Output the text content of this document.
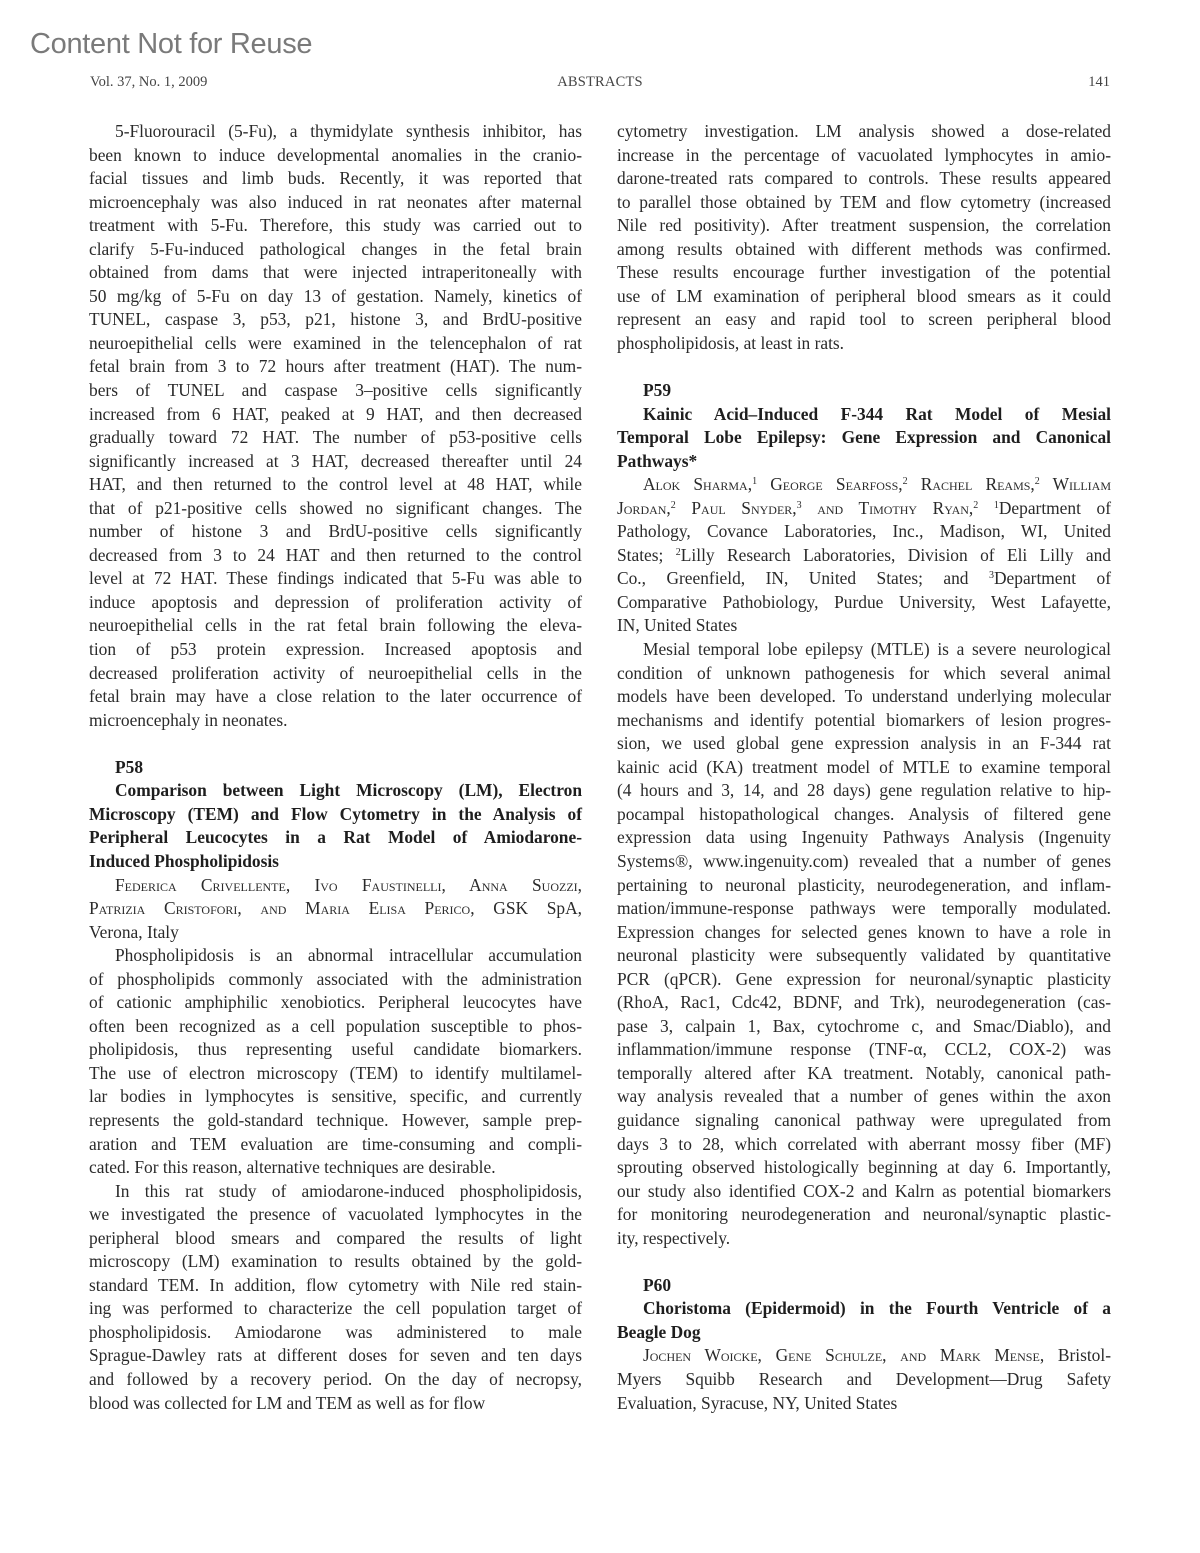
Content Not for Reuse
Vol. 37, No. 1, 2009	ABSTRACTS	141
5-Fluorouracil (5-Fu), a thymidylate synthesis inhibitor, has
been known to induce developmental anomalies in the cranio-
facial tissues and limb buds. Recently, it was reported that
microencephaly was also induced in rat neonates after maternal
treatment with 5-Fu. Therefore, this study was carried out to
clarify 5-Fu-induced pathological changes in the fetal brain
obtained from dams that were injected intraperitoneally with
50 mg/kg of 5-Fu on day 13 of gestation. Namely, kinetics of
TUNEL, caspase 3, p53, p21, histone 3, and BrdU-positive
neuroepithelial cells were examined in the telencephalon of rat
fetal brain from 3 to 72 hours after treatment (HAT). The num-
bers of TUNEL and caspase 3–positive cells significantly
increased from 6 HAT, peaked at 9 HAT, and then decreased
gradually toward 72 HAT. The number of p53-positive cells
significantly increased at 3 HAT, decreased thereafter until 24
HAT, and then returned to the control level at 48 HAT, while
that of p21-positive cells showed no significant changes. The
number of histone 3 and BrdU-positive cells significantly
decreased from 3 to 24 HAT and then returned to the control
level at 72 HAT. These findings indicated that 5-Fu was able to
induce apoptosis and depression of proliferation activity of
neuroepithelial cells in the rat fetal brain following the eleva-
tion of p53 protein expression. Increased apoptosis and
decreased proliferation activity of neuroepithelial cells in the
fetal brain may have a close relation to the later occurrence of
microencephaly in neonates.
P58
Comparison between Light Microscopy (LM), Electron
Microscopy (TEM) and Flow Cytometry in the Analysis of
Peripheral Leucocytes in a Rat Model of Amiodarone-
Induced Phospholipidosis
Federica Crivellente, Ivo Faustinelli, Anna Suozzi,
Patrizia Cristofori, and Maria Elisa Perico, GSK SpA,
Verona, Italy
Phospholipidosis is an abnormal intracellular accumulation
of phospholipids commonly associated with the administration
of cationic amphiphilic xenobiotics. Peripheral leucocytes have
often been recognized as a cell population susceptible to phos-
pholipidosis, thus representing useful candidate biomarkers.
The use of electron microscopy (TEM) to identify multilamel-
lar bodies in lymphocytes is sensitive, specific, and currently
represents the gold-standard technique. However, sample prep-
aration and TEM evaluation are time-consuming and compli-
cated. For this reason, alternative techniques are desirable.
In this rat study of amiodarone-induced phospholipidosis,
we investigated the presence of vacuolated lymphocytes in the
peripheral blood smears and compared the results of light
microscopy (LM) examination to results obtained by the gold-
standard TEM. In addition, flow cytometry with Nile red stain-
ing was performed to characterize the cell population target of
phospholipidosis. Amiodarone was administered to male
Sprague-Dawley rats at different doses for seven and ten days
and followed by a recovery period. On the day of necropsy,
blood was collected for LM and TEM as well as for flow
cytometry investigation. LM analysis showed a dose-related
increase in the percentage of vacuolated lymphocytes in amio-
darone-treated rats compared to controls. These results appeared
to parallel those obtained by TEM and flow cytometry (increased
Nile red positivity). After treatment suspension, the correlation
among results obtained with different methods was confirmed.
These results encourage further investigation of the potential
use of LM examination of peripheral blood smears as it could
represent an easy and rapid tool to screen peripheral blood
phospholipidosis, at least in rats.
P59
Kainic Acid–Induced F-344 Rat Model of Mesial
Temporal Lobe Epilepsy: Gene Expression and Canonical
Pathways*
Alok Sharma,$^1$ George Searfoss,$^2$ Rachel Reams,$^2$ William
Jordan,$^2$ Paul Snyder,$^3$ and Timothy Ryan,$^2$ $^1$Department of
Pathology, Covance Laboratories, Inc., Madison, WI, United
States; $^2$Lilly Research Laboratories, Division of Eli Lilly and
Co., Greenfield, IN, United States; and $^3$Department of
Comparative Pathobiology, Purdue University, West Lafayette,
IN, United States
Mesial temporal lobe epilepsy (MTLE) is a severe neurological
condition of unknown pathogenesis for which several animal
models have been developed. To understand underlying molecular
mechanisms and identify potential biomarkers of lesion progres-
sion, we used global gene expression analysis in an F-344 rat
kainic acid (KA) treatment model of MTLE to examine temporal
(4 hours and 3, 14, and 28 days) gene regulation relative to hip-
pocampal histopathological changes. Analysis of filtered gene
expression data using Ingenuity Pathways Analysis (Ingenuity
Systems®, www.ingenuity.com) revealed that a number of genes
pertaining to neuronal plasticity, neurodegeneration, and inflam-
mation/immune-response pathways were temporally modulated.
Expression changes for selected genes known to have a role in
neuronal plasticity were subsequently validated by quantitative
PCR (qPCR). Gene expression for neuronal/synaptic plasticity
(RhoA, Rac1, Cdc42, BDNF, and Trk), neurodegeneration (cas-
pase 3, calpain 1, Bax, cytochrome c, and Smac/Diablo), and
inflammation/immune response (TNF-α, CCL2, COX-2) was
temporally altered after KA treatment. Notably, canonical path-
way analysis revealed that a number of genes within the axon
guidance signaling canonical pathway were upregulated from
days 3 to 28, which correlated with aberrant mossy fiber (MF)
sprouting observed histologically beginning at day 6. Importantly,
our study also identified COX-2 and Kalrn as potential biomarkers
for monitoring neurodegeneration and neuronal/synaptic plastic-
ity, respectively.
P60
Choristoma (Epidermoid) in the Fourth Ventricle of a
Beagle Dog
Jochen Woicke, Gene Schulze, and Mark Mense, Bristol-
Myers Squibb Research and Development—Drug Safety
Evaluation, Syracuse, NY, United States
